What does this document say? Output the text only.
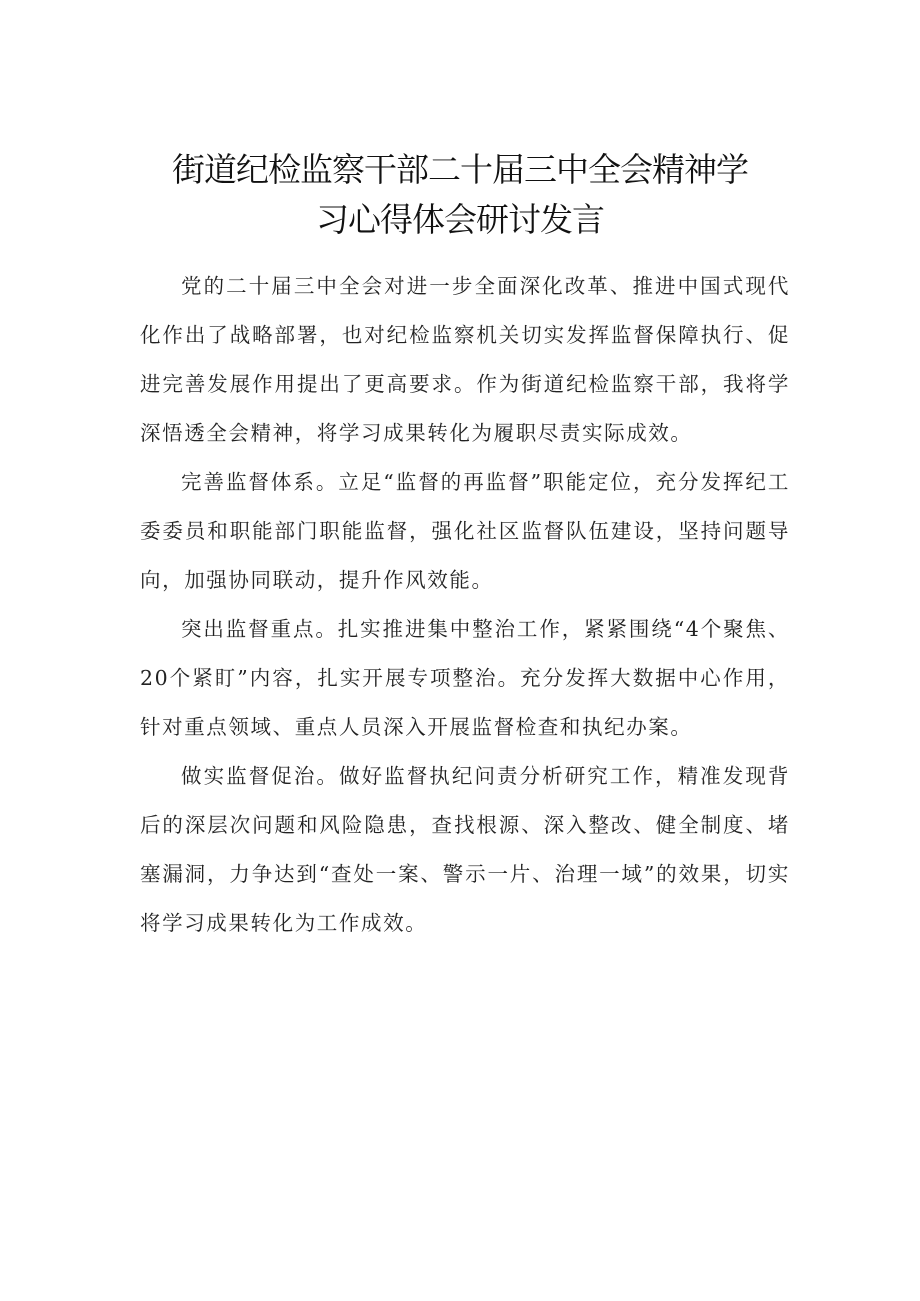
街道纪检监察干部二十届三中全会精神学
习心得体会研讨发言

党的二十届三中全会对进一步全面深化改革、推进中国式现代化作出了战略部署，也对纪检监察机关切实发挥监督保障执行、促进完善发展作用提出了更高要求。作为街道纪检监察干部，我将学深悟透全会精神，将学习成果转化为履职尽责实际成效。

完善监督体系。立足“监督的再监督”职能定位，充分发挥纪工委委员和职能部门职能监督，强化社区监督队伍建设，坚持问题导向，加强协同联动，提升作风效能。

突出监督重点。扎实推进集中整治工作，紧紧围绕“4个聚焦、20个紧盯”内容，扎实开展专项整治。充分发挥大数据中心作用，针对重点领域、重点人员深入开展监督检查和执纪办案。

做实监督促治。做好监督执纪问责分析研究工作，精准发现背后的深层次问题和风险隐患，查找根源、深入整改、健全制度、堵塞漏洞，力争达到“查处一案、警示一片、治理一域”的效果，切实将学习成果转化为工作成效。
